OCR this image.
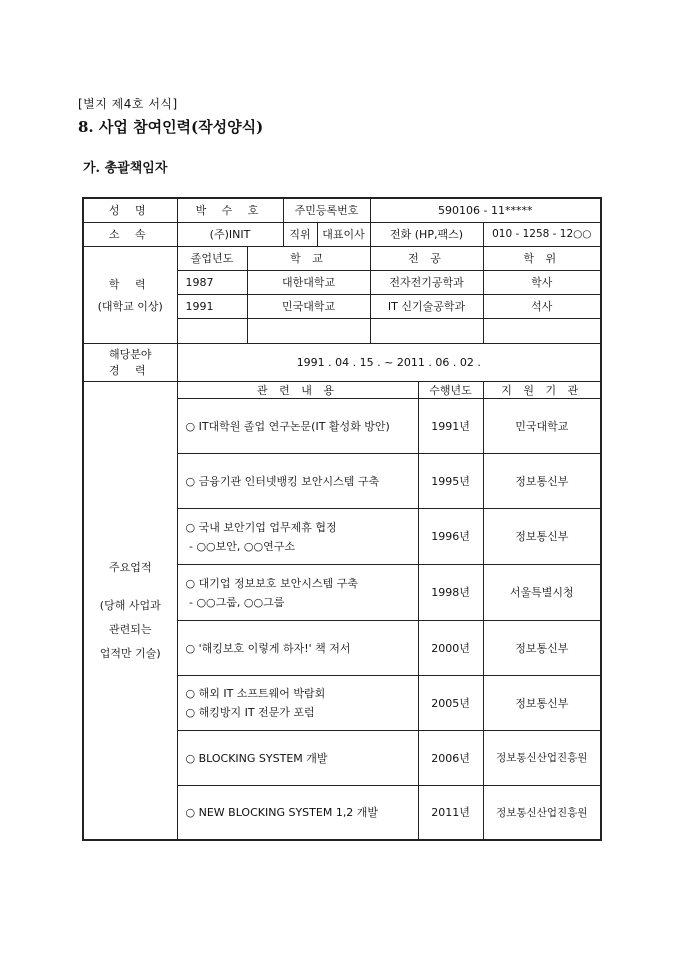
[별지 제4호 서식]
8. 사업 참여인력(작성양식)
가. 총괄책임자
성 명	박 수 호		주민등록번호		590106 - 11*****		
소 속	(주)INIT		직위	대표이사	전화 (HP,팩스)		010 - 1258 - 12○○

학 력
(대학교 이상)	졸업년도	학 교			전 공		학 위
	1987	대한대학교			전자전기공학과		학사
	1991	민국대학교			IT 신기술공학과		석사

해당분야
경 력	1991 . 04 . 15 . ~ 2011 . 06 . 02 .						

주요업적
(당해 사업과
관련되는
업적만 기술)	관 련 내 용					수행년도	지 원 기 관

	○ IT대학원 졸업 연구논문(IT 활성화 방안)					1991년	민국대학교

	○ 금융기관 인터넷뱅킹 보안시스템 구축					1995년	정보통신부

	○ 국내 보안기업 업무제휴 협정
- ○○보안, ○○연구소					1996년	정보통신부

	○ 대기업 정보보호 보안시스템 구축
- ○○그룹, ○○그룹					1998년	서울특별시청

	○ '해킹보호 이렇게 하자!' 책 저서					2000년	정보통신부

	○ 해외 IT 소프트웨어 박람회
○ 해킹방지 IT 전문가 포럼					2005년	정보통신부

	○ BLOCKING SYSTEM 개발					2006년	정보통신산업진흥원

	○ NEW BLOCKING SYSTEM 1,2 개발					2011년	정보통신산업진흥원
